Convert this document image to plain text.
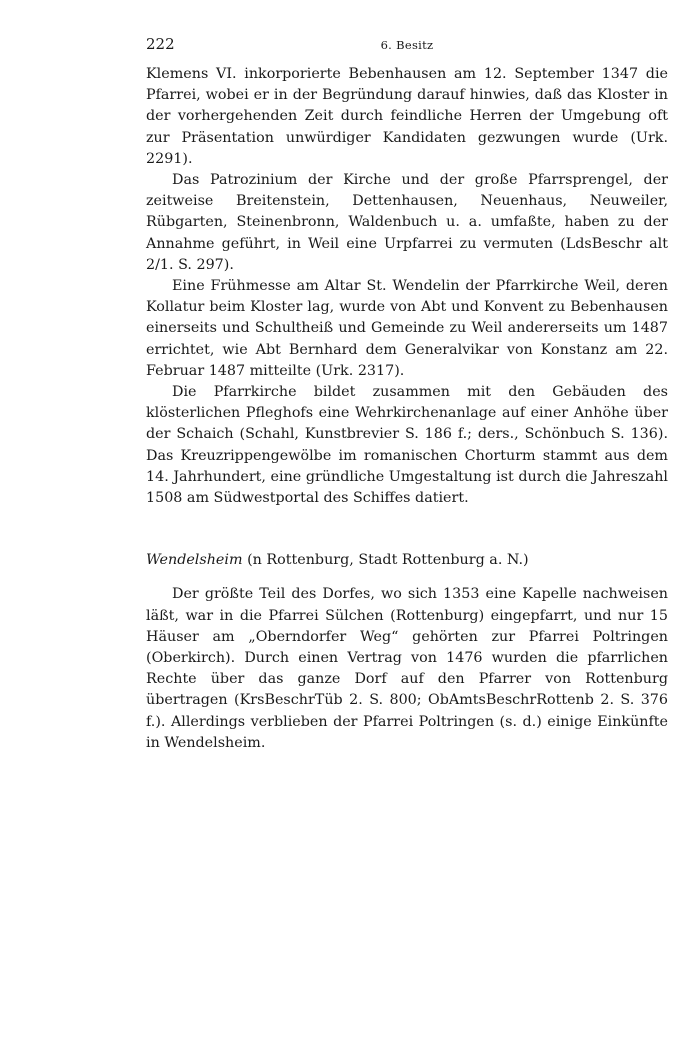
222	6. Besitz

Klemens VI. inkorporierte Bebenhausen am 12. September 1347 die Pfarrei, wobei er in der Begründung darauf hinwies, daß das Kloster in der vorhergehenden Zeit durch feindliche Herren der Umgebung oft zur Präsentation unwürdiger Kandidaten gezwungen wurde (Urk. 2291).

Das Patrozinium der Kirche und der große Pfarrsprengel, der zeitweise Breitenstein, Dettenhausen, Neuenhaus, Neuweiler, Rübgarten, Steinenbronn, Waldenbuch u. a. umfaßte, haben zu der Annahme geführt, in Weil eine Urpfarrei zu vermuten (LdsBeschr alt 2/1. S. 297).

Eine Frühmesse am Altar St. Wendelin der Pfarrkirche Weil, deren Kollatur beim Kloster lag, wurde von Abt und Konvent zu Bebenhausen einerseits und Schultheiß und Gemeinde zu Weil andererseits um 1487 errichtet, wie Abt Bernhard dem Generalvikar von Konstanz am 22. Februar 1487 mitteilte (Urk. 2317).

Die Pfarrkirche bildet zusammen mit den Gebäuden des klösterlichen Pfleghofs eine Wehrkirchenanlage auf einer Anhöhe über der Schaich (Schahl, Kunstbrevier S. 186 f.; ders., Schönbuch S. 136). Das Kreuzrippengewölbe im romanischen Chorturm stammt aus dem 14. Jahrhundert, eine gründliche Umgestaltung ist durch die Jahreszahl 1508 am Südwestportal des Schiffes datiert.

Wendelsheim (n Rottenburg, Stadt Rottenburg a. N.)

Der größte Teil des Dorfes, wo sich 1353 eine Kapelle nachweisen läßt, war in die Pfarrei Sülchen (Rottenburg) eingepfarrt, und nur 15 Häuser am „Oberndorfer Weg“ gehörten zur Pfarrei Poltringen (Oberkirch). Durch einen Vertrag von 1476 wurden die pfarrlichen Rechte über das ganze Dorf auf den Pfarrer von Rottenburg übertragen (KrsBeschrTüb 2. S. 800; ObAmtsBeschrRottenb 2. S. 376 f.). Allerdings verblieben der Pfarrei Poltringen (s. d.) einige Einkünfte in Wendelsheim.
